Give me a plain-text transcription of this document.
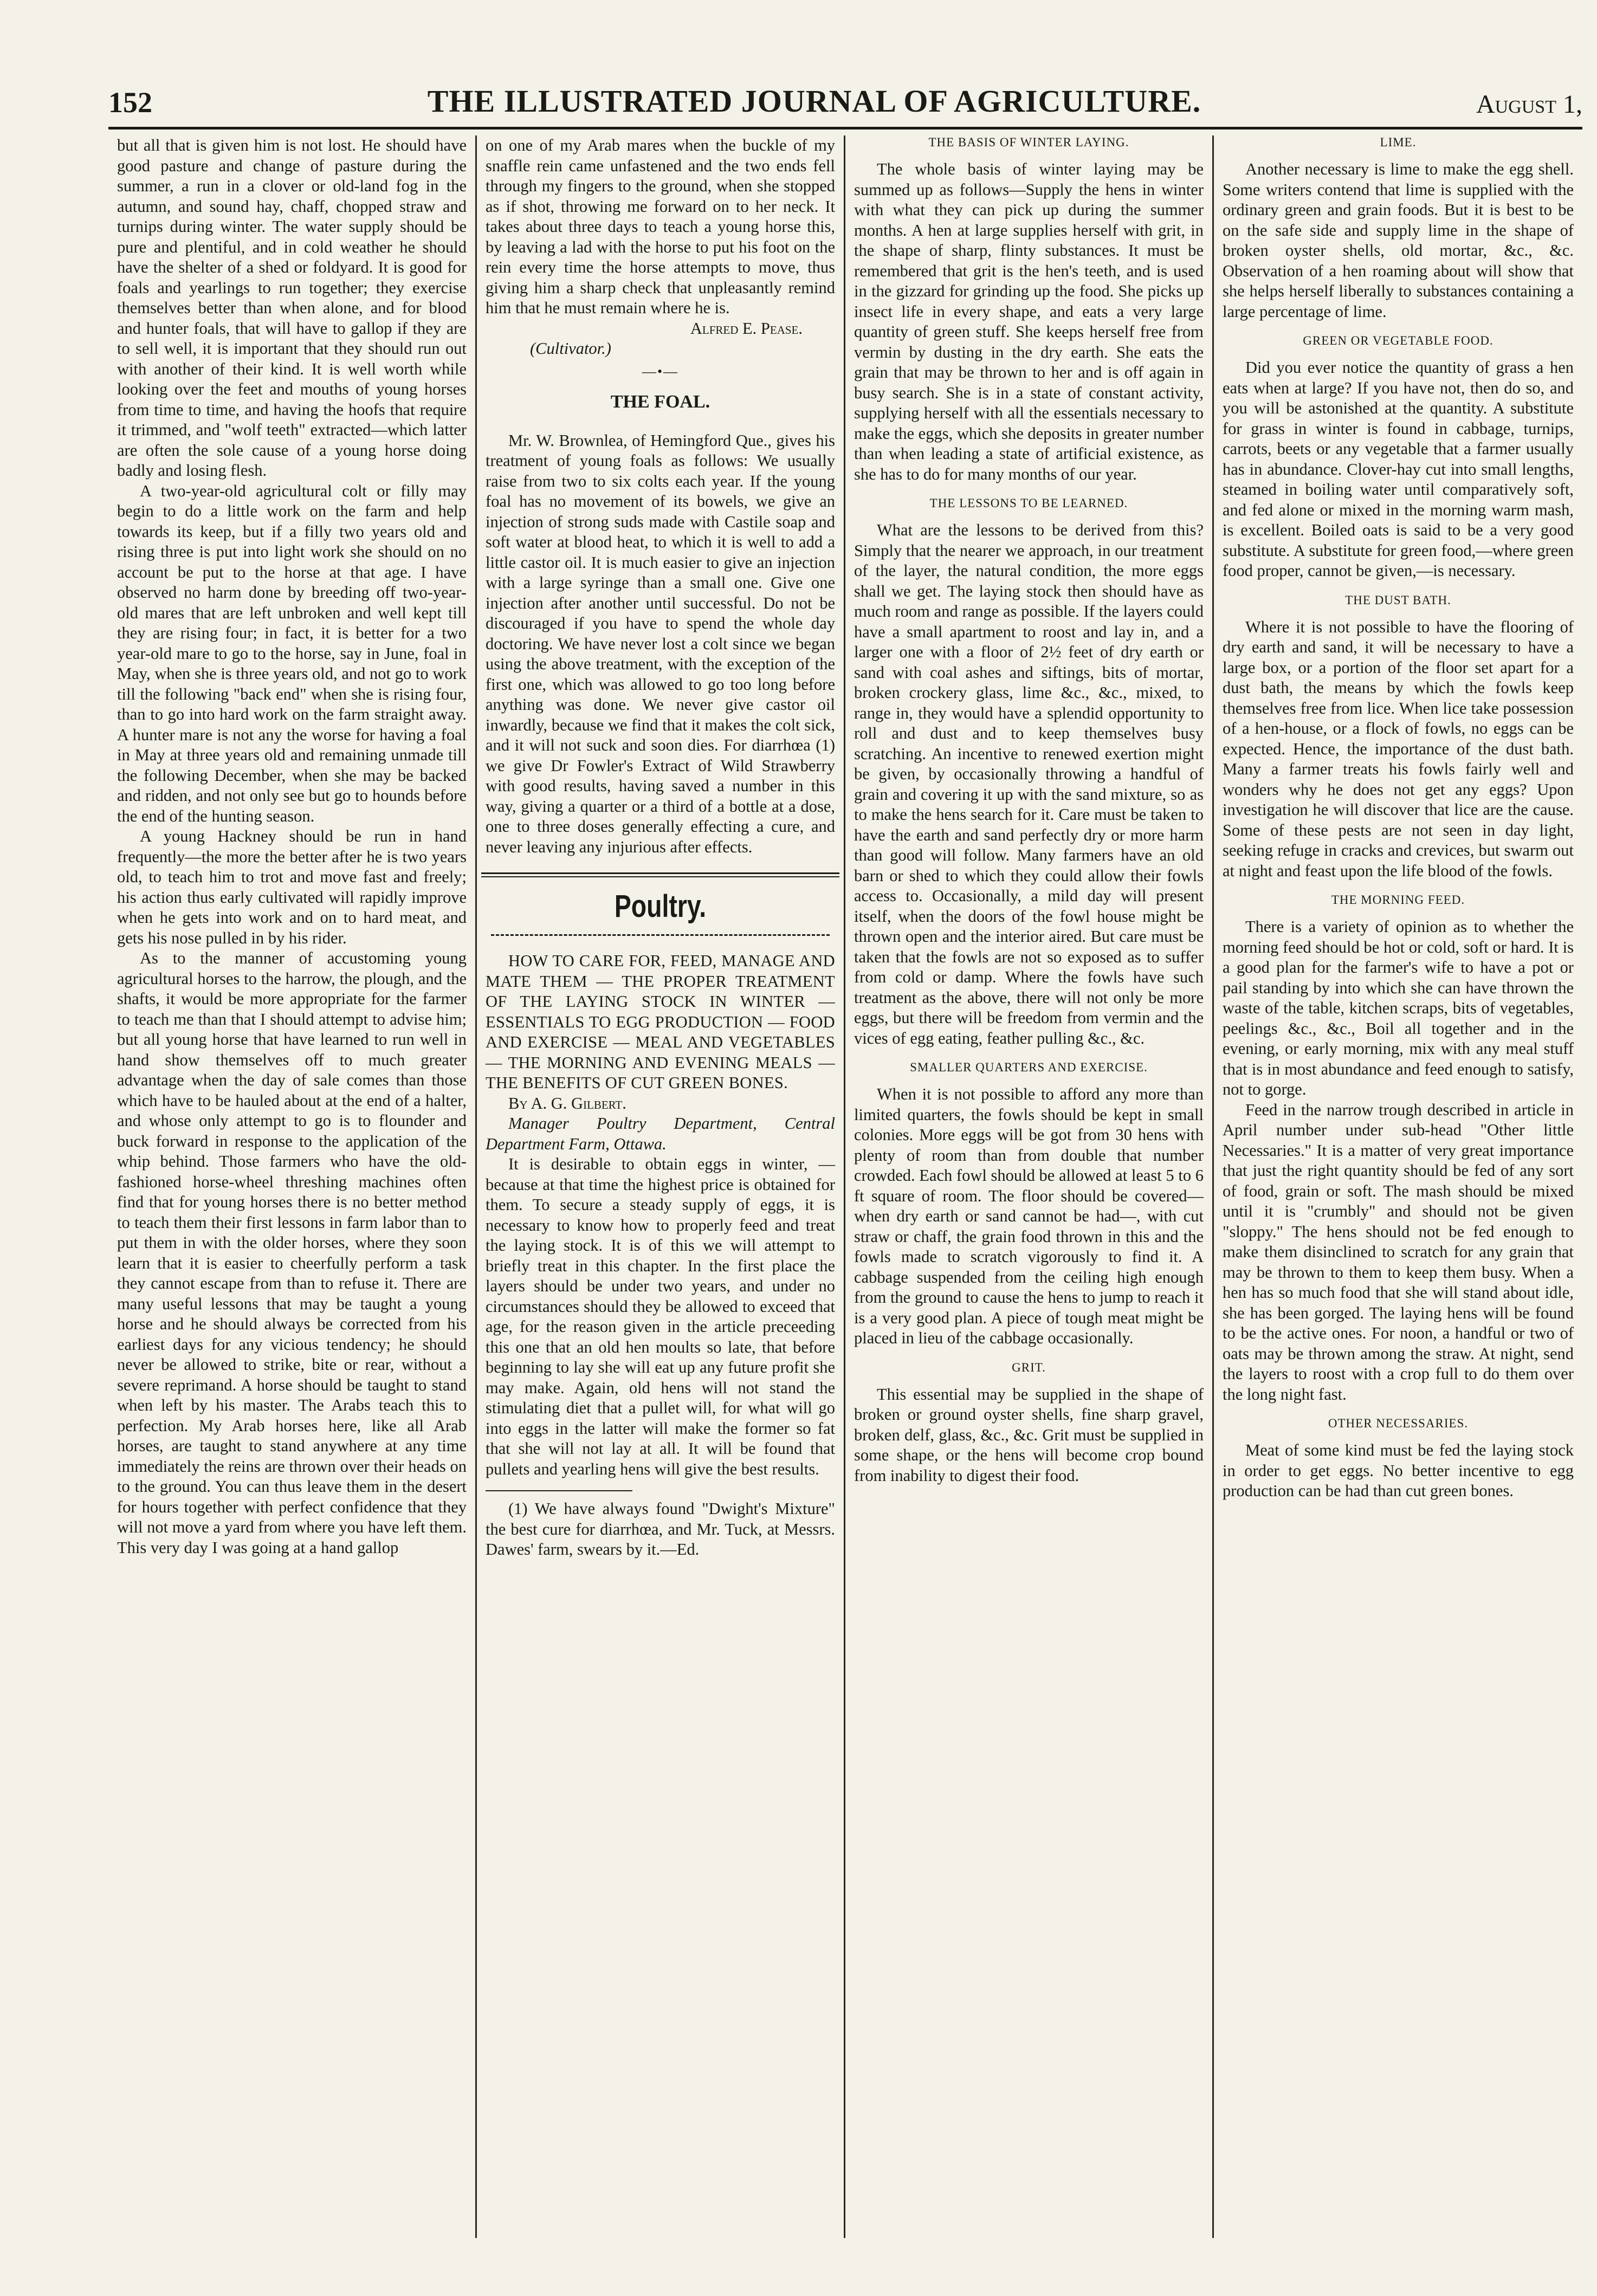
152	THE ILLUSTRATED JOURNAL OF AGRICULTURE.	August 1,

but all that is given him is not lost. He should have good pasture and change of pasture during the summer, a run in a clover or old-land fog in the autumn, and sound hay, chaff, chopped straw and turnips during winter. The water supply should be pure and plentiful, and in cold weather he should have the shelter of a shed or foldyard. It is good for foals and yearlings to run together; they exercise themselves better than when alone, and for blood and hunter foals, that will have to gallop if they are to sell well, it is important that they should run out with another of their kind. It is well worth while looking over the feet and mouths of young horses from time to time, and having the hoofs that require it trimmed, and "wolf teeth" extracted—which latter are often the sole cause of a young horse doing badly and losing flesh.

A two-year-old agricultural colt or filly may begin to do a little work on the farm and help towards its keep, but if a filly two years old and rising three is put into light work she should on no account be put to the horse at that age. I have observed no harm done by breeding off two-year-old mares that are left unbroken and well kept till they are rising four; in fact, it is better for a two year-old mare to go to the horse, say in June, foal in May, when she is three years old, and not go to work till the following "back end" when she is rising four, than to go into hard work on the farm straight away. A hunter mare is not any the worse for having a foal in May at three years old and remaining unmade till the following December, when she may be backed and ridden, and not only see but go to hounds before the end of the hunting season.

A young Hackney should be run in hand frequently—the more the better after he is two years old, to teach him to trot and move fast and freely; his action thus early cultivated will rapidly improve when he gets into work and on to hard meat, and gets his nose pulled in by his rider.

As to the manner of accustoming young agricultural horses to the harrow, the plough, and the shafts, it would be more appropriate for the farmer to teach me than that I should attempt to advise him; but all young horse that have learned to run well in hand show themselves off to much greater advantage when the day of sale comes than those which have to be hauled about at the end of a halter, and whose only attempt to go is to flounder and buck forward in response to the application of the whip behind. Those farmers who have the old-fashioned horse-wheel threshing machines often find that for young horses there is no better method to teach them their first lessons in farm labor than to put them in with the older horses, where they soon learn that it is easier to cheerfully perform a task they cannot escape from than to refuse it. There are many useful lessons that may be taught a young horse and he should always be corrected from his earliest days for any vicious tendency; he should never be allowed to strike, bite or rear, without a severe reprimand. A horse should be taught to stand when left by his master. The Arabs teach this to perfection. My Arab horses here, like all Arab horses, are taught to stand anywhere at any time immediately the reins are thrown over their heads on to the ground. You can thus leave them in the desert for hours together with perfect confidence that they will not move a yard from where you have left them. This very day I was going at a hand gallop

on one of my Arab mares when the buckle of my snaffle rein came unfastened and the two ends fell through my fingers to the ground, when she stopped as if shot, throwing me forward on to her neck. It takes about three days to teach a young horse this, by leaving a lad with the horse to put his foot on the rein every time the horse attempts to move, thus giving him a sharp check that unpleasantly remind him that he must remain where he is.

Alfred E. Pease.

(Cultivator.)

—•—
THE FOAL.

Mr. W. Brownlea, of Hemingford Que., gives his treatment of young foals as follows: We usually raise from two to six colts each year. If the young foal has no movement of its bowels, we give an injection of strong suds made with Castile soap and soft water at blood heat, to which it is well to add a little castor oil. It is much easier to give an injection with a large syringe than a small one. Give one injection after another until successful. Do not be discouraged if you have to spend the whole day doctoring. We have never lost a colt since we began using the above treatment, with the exception of the first one, which was allowed to go too long before anything was done. We never give castor oil inwardly, because we find that it makes the colt sick, and it will not suck and soon dies. For diarrhœa (1) we give Dr Fowler's Extract of Wild Strawberry with good results, having saved a number in this way, giving a quarter or a third of a bottle at a dose, one to three doses generally effecting a cure, and never leaving any injurious after effects.

Poultry.

HOW TO CARE FOR, FEED, MANAGE AND MATE THEM — THE PROPER TREATMENT OF THE LAYING STOCK IN WINTER — ESSENTIALS TO EGG PRODUCTION — FOOD AND EXERCISE — MEAL AND VEGETABLES — THE MORNING AND EVENING MEALS — THE BENEFITS OF CUT GREEN BONES.

By A. G. Gilbert.

Manager Poultry Department, Central Department Farm, Ottawa.

It is desirable to obtain eggs in winter, — because at that time the highest price is obtained for them. To secure a steady supply of eggs, it is necessary to know how to properly feed and treat the laying stock. It is of this we will attempt to briefly treat in this chapter. In the first place the layers should be under two years, and under no circumstances should they be allowed to exceed that age, for the reason given in the article preceeding this one that an old hen moults so late, that before beginning to lay she will eat up any future profit she may make. Again, old hens will not stand the stimulating diet that a pullet will, for what will go into eggs in the latter will make the former so fat that she will not lay at all. It will be found that pullets and yearling hens will give the best results.

(1) We have always found "Dwight's Mixture" the best cure for diarrhœa, and Mr. Tuck, at Messrs. Dawes' farm, swears by it.—Ed.

THE BASIS OF WINTER LAYING.

The whole basis of winter laying may be summed up as follows—Supply the hens in winter with what they can pick up during the summer months. A hen at large supplies herself with grit, in the shape of sharp, flinty substances. It must be remembered that grit is the hen's teeth, and is used in the gizzard for grinding up the food. She picks up insect life in every shape, and eats a very large quantity of green stuff. She keeps herself free from vermin by dusting in the dry earth. She eats the grain that may be thrown to her and is off again in busy search. She is in a state of constant activity, supplying herself with all the essentials necessary to make the eggs, which she deposits in greater number than when leading a state of artificial existence, as she has to do for many months of our year.

THE LESSONS TO BE LEARNED.

What are the lessons to be derived from this? Simply that the nearer we approach, in our treatment of the layer, the natural condition, the more eggs shall we get. The laying stock then should have as much room and range as possible. If the layers could have a small apartment to roost and lay in, and a larger one with a floor of 2½ feet of dry earth or sand with coal ashes and siftings, bits of mortar, broken crockery glass, lime &c., &c., mixed, to range in, they would have a splendid opportunity to roll and dust and to keep themselves busy scratching. An incentive to renewed exertion might be given, by occasionally throwing a handful of grain and covering it up with the sand mixture, so as to make the hens search for it. Care must be taken to have the earth and sand perfectly dry or more harm than good will follow. Many farmers have an old barn or shed to which they could allow their fowls access to. Occasionally, a mild day will present itself, when the doors of the fowl house might be thrown open and the interior aired. But care must be taken that the fowls are not so exposed as to suffer from cold or damp. Where the fowls have such treatment as the above, there will not only be more eggs, but there will be freedom from vermin and the vices of egg eating, feather pulling &c., &c.

SMALLER QUARTERS AND EXERCISE.

When it is not possible to afford any more than limited quarters, the fowls should be kept in small colonies. More eggs will be got from 30 hens with plenty of room than from double that number crowded. Each fowl should be allowed at least 5 to 6 ft square of room. The floor should be covered—when dry earth or sand cannot be had—, with cut straw or chaff, the grain food thrown in this and the fowls made to scratch vigorously to find it. A cabbage suspended from the ceiling high enough from the ground to cause the hens to jump to reach it is a very good plan. A piece of tough meat might be placed in lieu of the cabbage occasionally.

GRIT.

This essential may be supplied in the shape of broken or ground oyster shells, fine sharp gravel, broken delf, glass, &c., &c. Grit must be supplied in some shape, or the hens will become crop bound from inability to digest their food.

LIME.

Another necessary is lime to make the egg shell. Some writers contend that lime is supplied with the ordinary green and grain foods. But it is best to be on the safe side and supply lime in the shape of broken oyster shells, old mortar, &c., &c. Observation of a hen roaming about will show that she helps herself liberally to substances containing a large percentage of lime.

GREEN OR VEGETABLE FOOD.

Did you ever notice the quantity of grass a hen eats when at large? If you have not, then do so, and you will be astonished at the quantity. A substitute for grass in winter is found in cabbage, turnips, carrots, beets or any vegetable that a farmer usually has in abundance. Clover-hay cut into small lengths, steamed in boiling water until comparatively soft, and fed alone or mixed in the morning warm mash, is excellent. Boiled oats is said to be a very good substitute. A substitute for green food,—where green food proper, cannot be given,—is necessary.

THE DUST BATH.

Where it is not possible to have the flooring of dry earth and sand, it will be necessary to have a large box, or a portion of the floor set apart for a dust bath, the means by which the fowls keep themselves free from lice. When lice take possession of a hen-house, or a flock of fowls, no eggs can be expected. Hence, the importance of the dust bath. Many a farmer treats his fowls fairly well and wonders why he does not get any eggs? Upon investigation he will discover that lice are the cause. Some of these pests are not seen in day light, seeking refuge in cracks and crevices, but swarm out at night and feast upon the life blood of the fowls.

THE MORNING FEED.

There is a variety of opinion as to whether the morning feed should be hot or cold, soft or hard. It is a good plan for the farmer's wife to have a pot or pail standing by into which she can have thrown the waste of the table, kitchen scraps, bits of vegetables, peelings &c., &c., Boil all together and in the evening, or early morning, mix with any meal stuff that is in most abundance and feed enough to satisfy, not to gorge.

Feed in the narrow trough described in article in April number under sub-head "Other little Necessaries." It is a matter of very great importance that just the right quantity should be fed of any sort of food, grain or soft. The mash should be mixed until it is "crumbly" and should not be given "sloppy." The hens should not be fed enough to make them disinclined to scratch for any grain that may be thrown to them to keep them busy. When a hen has so much food that she will stand about idle, she has been gorged. The laying hens will be found to be the active ones. For noon, a handful or two of oats may be thrown among the straw. At night, send the layers to roost with a crop full to do them over the long night fast.

OTHER NECESSARIES.

Meat of some kind must be fed the laying stock in order to get eggs. No better incentive to egg production can be had than cut green bones.
